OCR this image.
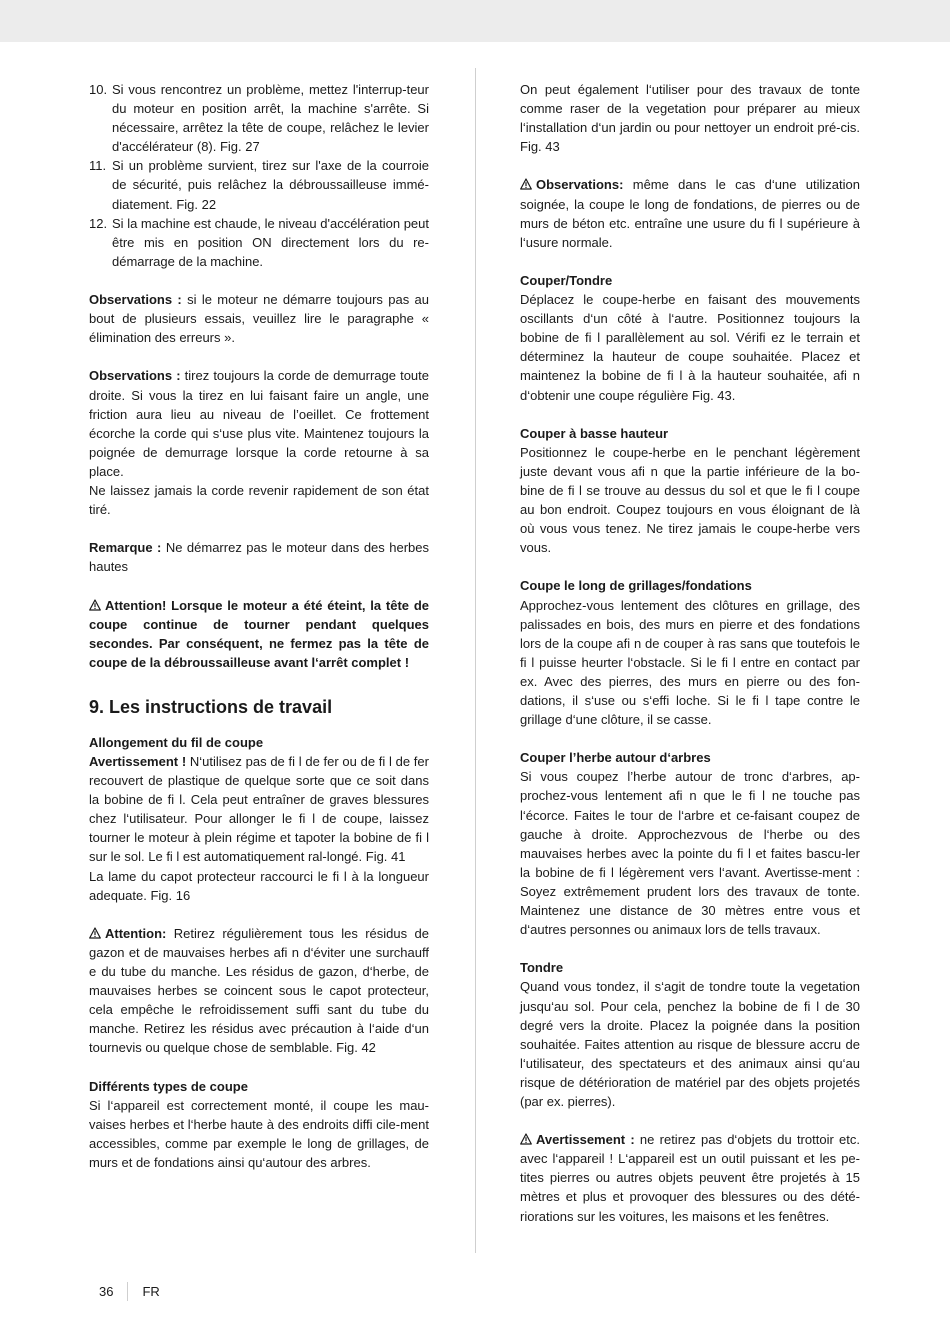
10. Si vous rencontrez un problème, mettez l'interrup-teur du moteur en position arrêt, la machine s'arrête. Si nécessaire, arrêtez la tête de coupe, relâchez le levier d'accélérateur (8). Fig. 27
11. Si un problème survient, tirez sur l'axe de la courroie de sécurité, puis relâchez la débroussailleuse immé-diatement. Fig. 22
12. Si la machine est chaude, le niveau d'accélération peut être mis en position ON directement lors du re-démarrage de la machine.

Observations : si le moteur ne démarre toujours pas au bout de plusieurs essais, veuillez lire le paragraphe « élimination des erreurs ».

Observations : tirez toujours la corde de demurrage toute droite. Si vous la tirez en lui faisant faire un angle, une friction aura lieu au niveau de l’oeillet. Ce frottement écorche la corde qui s‘use plus vite. Maintenez toujours la poignée de demurrage lorsque la corde retourne à sa place.

Ne laissez jamais la corde revenir rapidement de son état tiré.

Remarque : Ne démarrez pas le moteur dans des herbes hautes

Attention! Lorsque le moteur a été éteint, la tête de coupe continue de tourner pendant quelques secondes. Par conséquent, ne fermez pas la tête de coupe de la débroussailleuse avant l‘arrêt complet !

9. Les instructions de travail

Allongement du fil de coupe

Avertissement ! N‘utilisez pas de fi l de fer ou de fi l de fer recouvert de plastique de quelque sorte que ce soit dans la bobine de fi l. Cela peut entraîner de graves blessures chez l‘utilisateur. Pour allonger le fi l de coupe, laissez tourner le moteur à plein régime et tapoter la bobine de fi l sur le sol. Le fi l est automatiquement ral-longé. Fig. 41

La lame du capot protecteur raccourci le fi l à la longueur adequate. Fig. 16

Attention: Retirez régulièrement tous les résidus de gazon et de mauvaises herbes afi n d‘éviter une surchauff e du tube du manche. Les résidus de gazon, d‘herbe, de mauvaises herbes se coincent sous le capot protecteur, cela empêche le refroidissement suffi sant du tube du manche. Retirez les résidus avec précaution à l‘aide d‘un tournevis ou quelque chose de semblable. Fig. 42

Différents types de coupe

Si l‘appareil est correctement monté, il coupe les mau-vaises herbes et l‘herbe haute à des endroits diffi cile-ment accessibles, comme par exemple le long de grillages, de murs et de fondations ainsi qu‘autour des arbres.

On peut également l‘utiliser pour des travaux de tonte comme raser de la vegetation pour préparer au mieux l‘installation d‘un jardin ou pour nettoyer un endroit pré-cis. Fig. 43

Observations: même dans le cas d‘une utilization soignée, la coupe le long de fondations, de pierres ou de murs de béton etc. entraîne une usure du fi l supérieure à l‘usure normale.

Couper/Tondre

Déplacez le coupe-herbe en faisant des mouvements oscillants d‘un côté à l‘autre. Positionnez toujours la bobine de fi l parallèlement au sol. Vérifi ez le terrain et déterminez la hauteur de coupe souhaitée. Placez et maintenez la bobine de fi l à la hauteur souhaitée, afi n d‘obtenir une coupe régulière Fig. 43.

Couper à basse hauteur

Positionnez le coupe-herbe en le penchant légèrement juste devant vous afi n que la partie inférieure de la bo-bine de fi l se trouve au dessus du sol et que le fi l coupe au bon endroit. Coupez toujours en vous éloignant de là où vous vous tenez. Ne tirez jamais le coupe-herbe vers vous.

Coupe le long de grillages/fondations

Approchez-vous lentement des clôtures en grillage, des palissades en bois, des murs en pierre et des fondations lors de la coupe afi n de couper à ras sans que toutefois le fi l puisse heurter l‘obstacle. Si le fi l entre en contact par ex. Avec des pierres, des murs en pierre ou des fon-dations, il s‘use ou s‘effi loche. Si le fi l tape contre le grillage d‘une clôture, il se casse.

Couper l’herbe autour d‘arbres

Si vous coupez l’herbe autour de tronc d‘arbres, ap-prochez-vous lentement afi n que le fi l ne touche pas l‘écorce. Faites le tour de l‘arbre et ce-faisant coupez de gauche à droite. Approchezvous de l‘herbe ou des mauvaises herbes avec la pointe du fi l et faites bascu-ler la bobine de fi l légèrement vers l‘avant. Avertisse-ment : Soyez extrêmement prudent lors des travaux de tonte. Maintenez une distance de 30 mètres entre vous et d‘autres personnes ou animaux lors de tells travaux.

Tondre

Quand vous tondez, il s‘agit de tondre toute la vegetation jusqu‘au sol. Pour cela, penchez la bobine de fi l de 30 degré vers la droite. Placez la poignée dans la position souhaitée. Faites attention au risque de blessure accru de l‘utilisateur, des spectateurs et des animaux ainsi qu‘au risque de détérioration de matériel par des objets projetés (par ex. pierres).

Avertissement : ne retirez pas d‘objets du trottoir etc. avec l‘appareil ! L‘appareil est un outil puissant et les pe-tites pierres ou autres objets peuvent être projetés à 15 mètres et plus et provoquer des blessures ou des dété-riorations sur les voitures, les maisons et les fenêtres.

36	FR
